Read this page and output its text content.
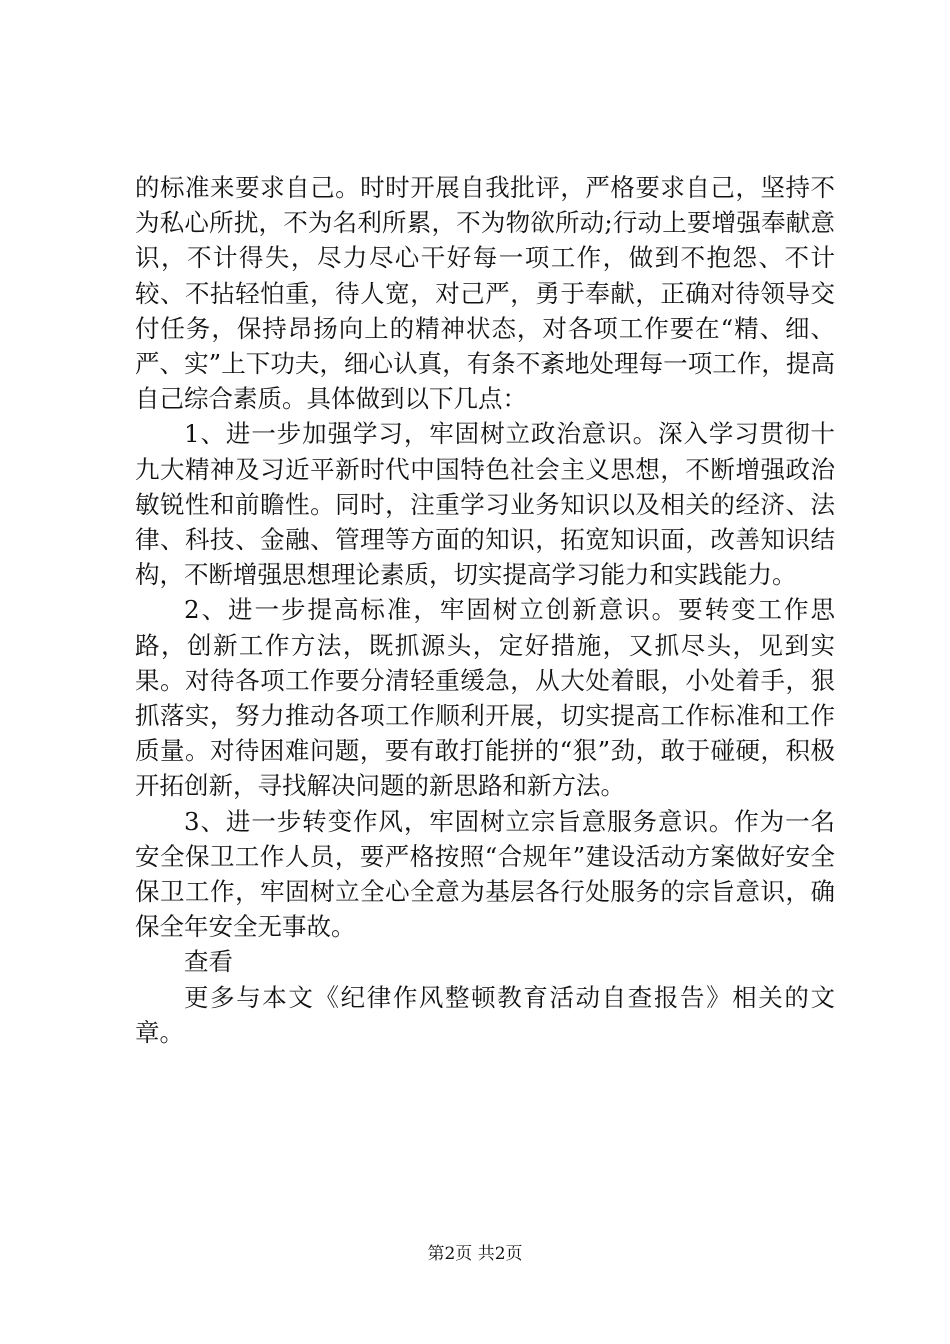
的标准来要求自己。时时开展自我批评，严格要求自己，坚持不为私心所扰，不为名利所累，不为物欲所动;行动上要增强奉献意识，不计得失，尽力尽心干好每一项工作，做到不抱怨、不计较、不拈轻怕重，待人宽，对己严，勇于奉献，正确对待领导交付任务，保持昂扬向上的精神状态，对各项工作要在“精、细、严、实”上下功夫，细心认真，有条不紊地处理每一项工作，提高自己综合素质。具体做到以下几点：

1、进一步加强学习，牢固树立政治意识。深入学习贯彻十九大精神及习近平新时代中国特色社会主义思想，不断增强政治敏锐性和前瞻性。同时，注重学习业务知识以及相关的经济、法律、科技、金融、管理等方面的知识，拓宽知识面，改善知识结构，不断增强思想理论素质，切实提高学习能力和实践能力。

2、进一步提高标准，牢固树立创新意识。要转变工作思路，创新工作方法，既抓源头，定好措施，又抓尽头，见到实果。对待各项工作要分清轻重缓急，从大处着眼，小处着手，狠抓落实，努力推动各项工作顺利开展，切实提高工作标准和工作质量。对待困难问题，要有敢打能拼的“狠”劲，敢于碰硬，积极开拓创新，寻找解决问题的新思路和新方法。

3、进一步转变作风，牢固树立宗旨意服务意识。作为一名安全保卫工作人员，要严格按照“合规年”建设活动方案做好安全保卫工作，牢固树立全心全意为基层各行处服务的宗旨意识，确保全年安全无事故。

查看

更多与本文《纪律作风整顿教育活动自查报告》相关的文章。

第2页 共2页
